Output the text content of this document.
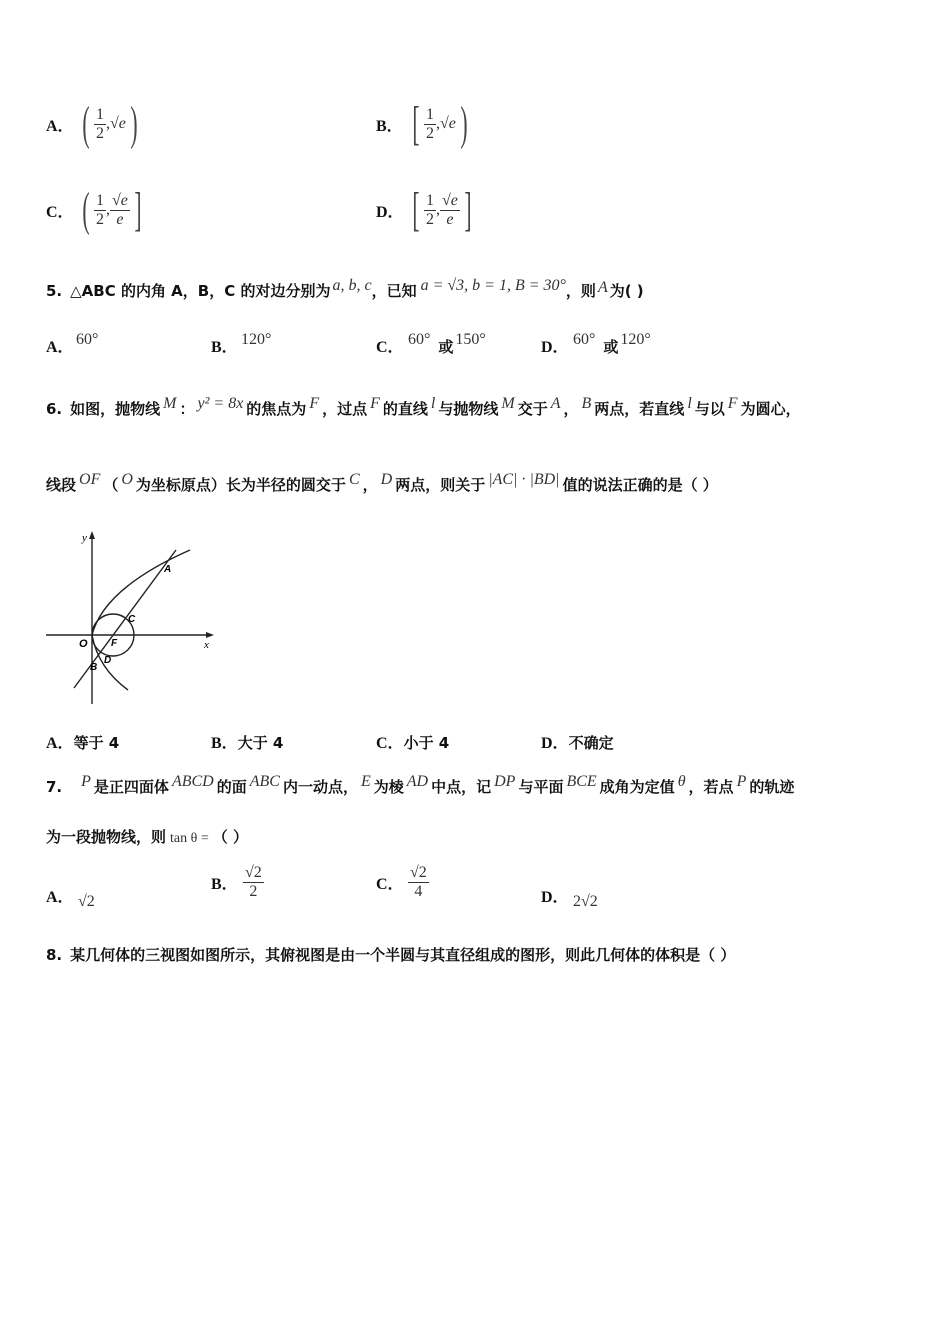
A． ( $\frac{1}{2}$ , √e )	B． [ $\frac{1}{2}$ , √e )
C． ( $\frac{1}{2}$ , $\frac{√e}{e}$ ]	D． [ $\frac{1}{2}$ , $\frac{√e}{e}$ ]
5. △ABC 的内角 A，B，C 的对边分别为 a, b, c ，已知 a = √3, b = 1, B = 30° ，则 A 为( )
A． 60°	B． 120°	C． 60° 或 150°	D． 60° 或 120°
6. 如图，抛物线 M ： y² = 8x 的焦点为 F ，过点 F 的直线 l 与抛物线 M 交于 A ， B 两点，若直线 l 与以 F 为圆心，
线段 OF （ O 为坐标原点）长为半径的圆交于 C ， D 两点，则关于 |AC| · |BD| 值的说法正确的是（ ）
y
x
O F
A
B
C
D
A．等于 4	B．大于 4	C．小于 4	D．不确定
7. P 是正四面体 ABCD 的面 ABC 内一动点， E 为棱 AD 中点，记 DP 与平面 BCE 成角为定值 θ ，若点 P 的轨迹
为一段抛物线，则 tan θ = （ ）
A． √2
B． $\frac{√2}{2}$	C． $\frac{√2}{4}$	D． 2√2
8. 某几何体的三视图如图所示，其俯视图是由一个半圆与其直径组成的图形，则此几何体的体积是（ ）
